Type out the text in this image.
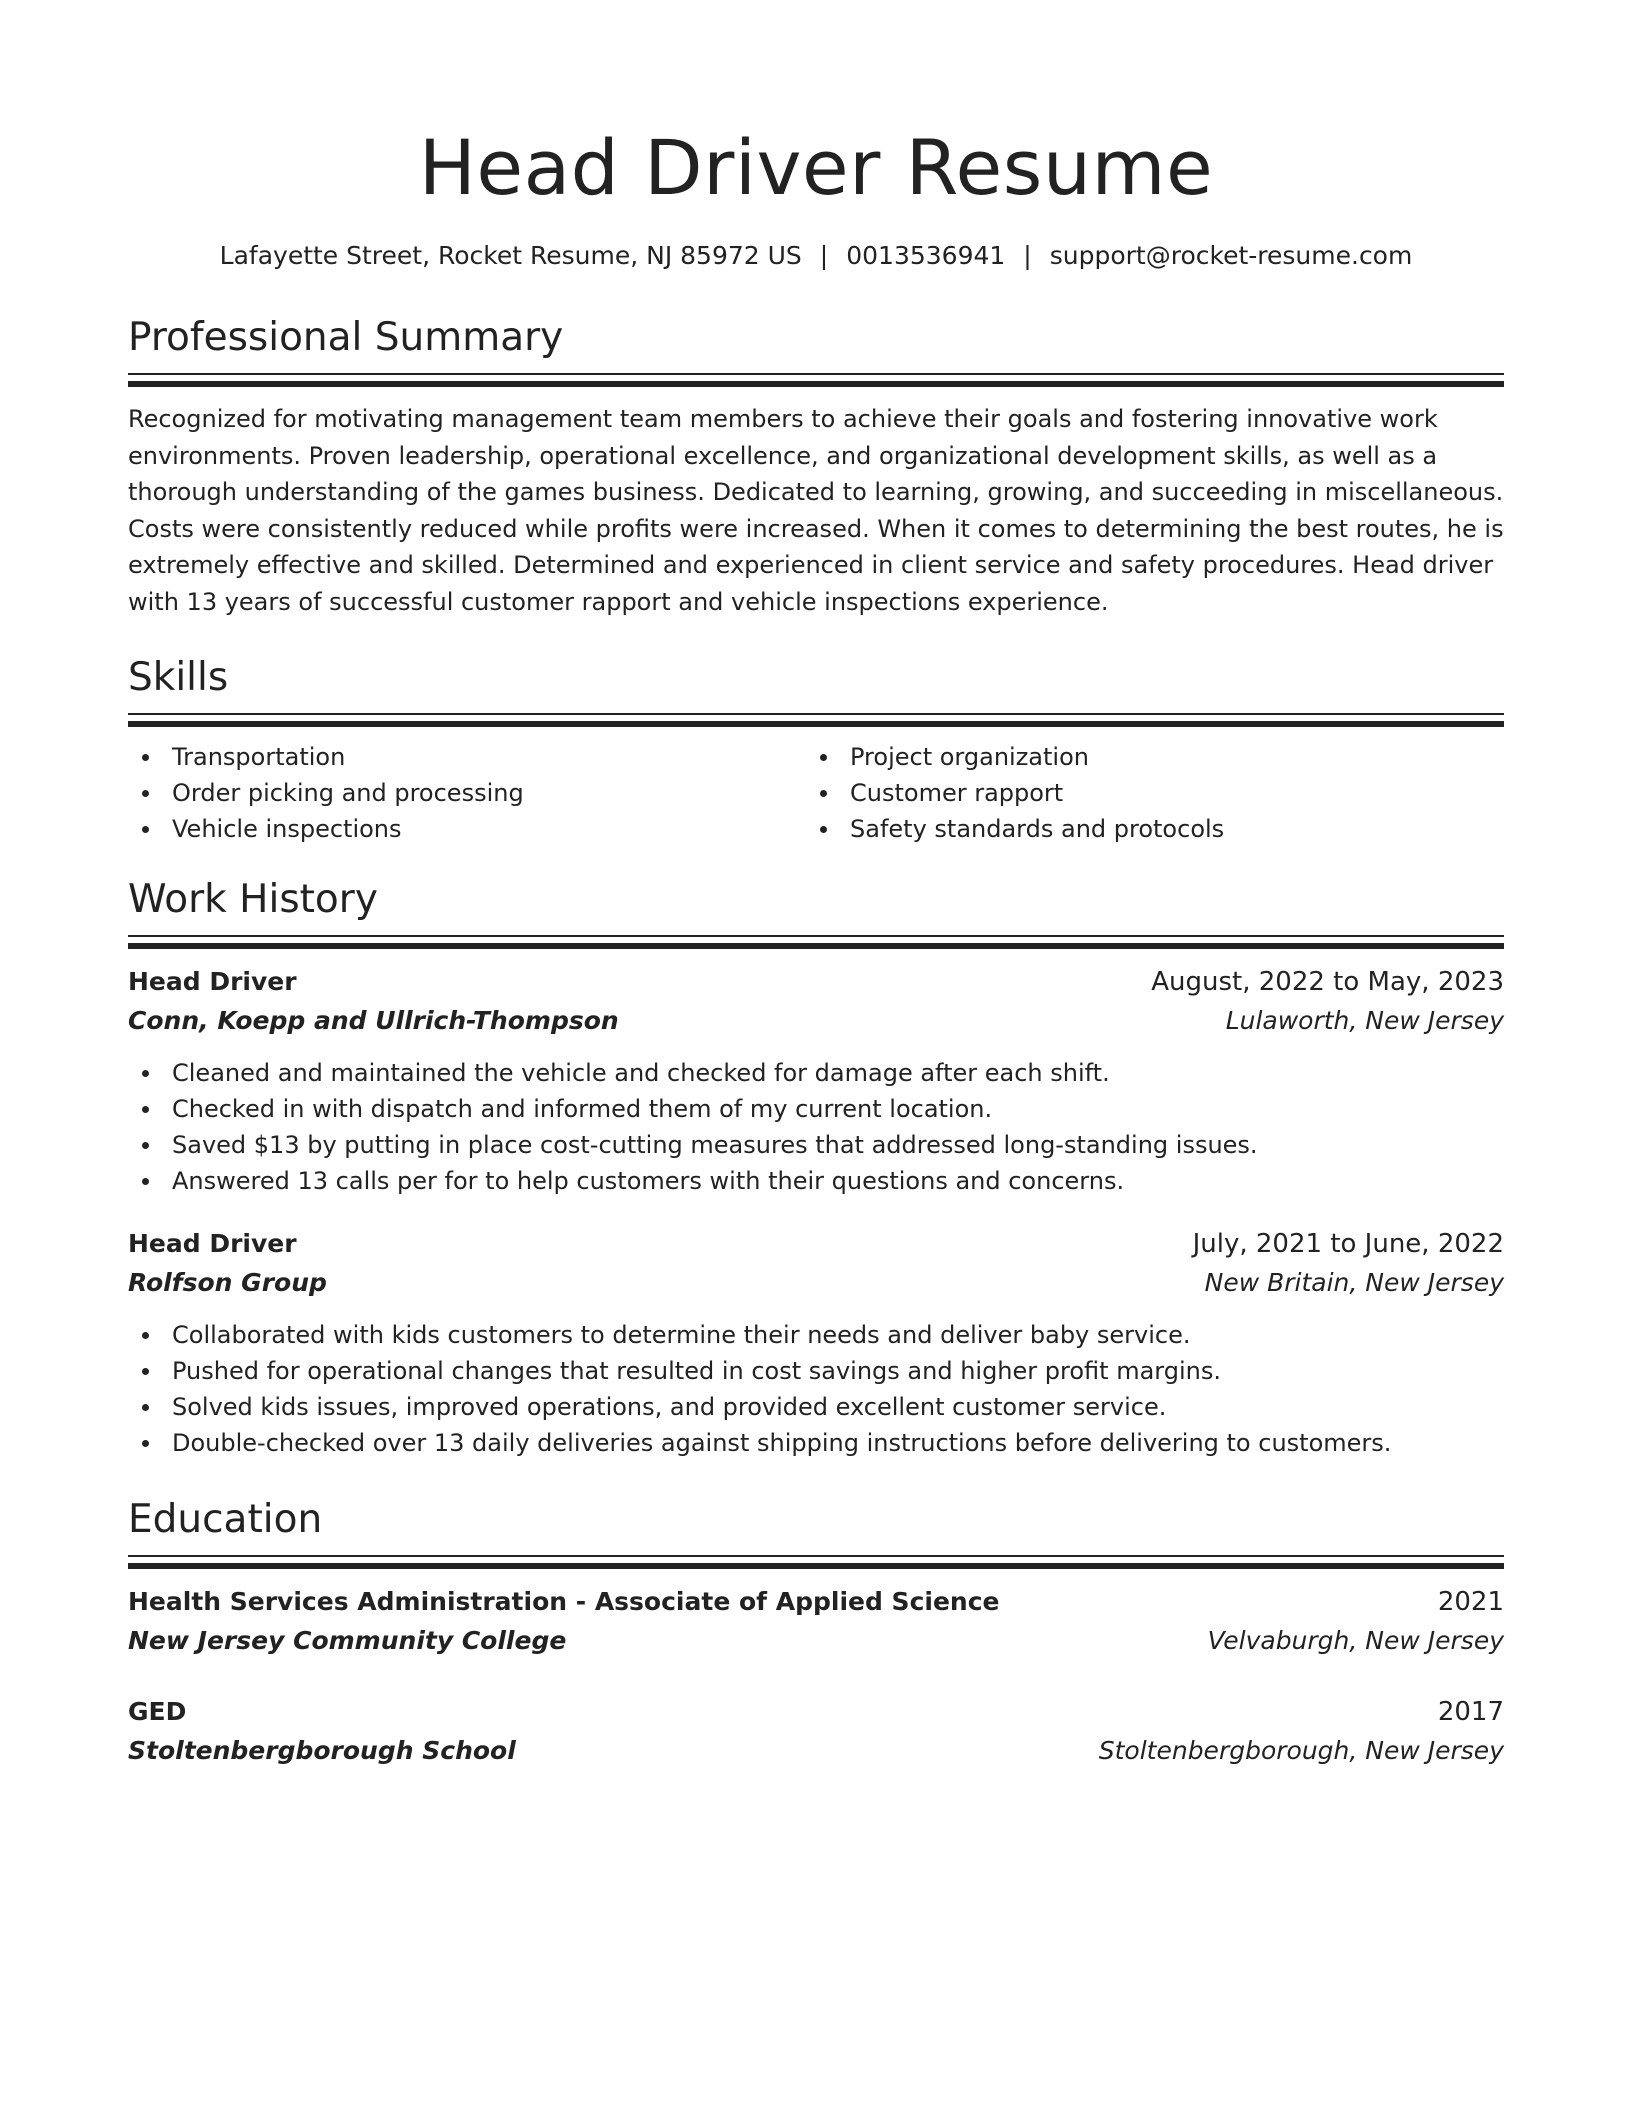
Head Driver Resume
Lafayette Street, Rocket Resume, NJ 85972 US | 0013536941 | support@rocket-resume.com
Professional Summary
Recognized for motivating management team members to achieve their goals and fostering innovative work environments. Proven leadership, operational excellence, and organizational development skills, as well as a thorough understanding of the games business. Dedicated to learning, growing, and succeeding in miscellaneous. Costs were consistently reduced while profits were increased. When it comes to determining the best routes, he is extremely effective and skilled. Determined and experienced in client service and safety procedures. Head driver with 13 years of successful customer rapport and vehicle inspections experience.
Skills
Transportation
Order picking and processing
Vehicle inspections
Project organization
Customer rapport
Safety standards and protocols
Work History
Head Driver	August, 2022 to May, 2023
Conn, Koepp and Ullrich-Thompson	Lulaworth, New Jersey
Cleaned and maintained the vehicle and checked for damage after each shift.
Checked in with dispatch and informed them of my current location.
Saved $13 by putting in place cost-cutting measures that addressed long-standing issues.
Answered 13 calls per for to help customers with their questions and concerns.
Head Driver	July, 2021 to June, 2022
Rolfson Group	New Britain, New Jersey
Collaborated with kids customers to determine their needs and deliver baby service.
Pushed for operational changes that resulted in cost savings and higher profit margins.
Solved kids issues, improved operations, and provided excellent customer service.
Double-checked over 13 daily deliveries against shipping instructions before delivering to customers.
Education
Health Services Administration - Associate of Applied Science	2021
New Jersey Community College	Velvaburgh, New Jersey
GED	2017
Stoltenbergborough School	Stoltenbergborough, New Jersey
